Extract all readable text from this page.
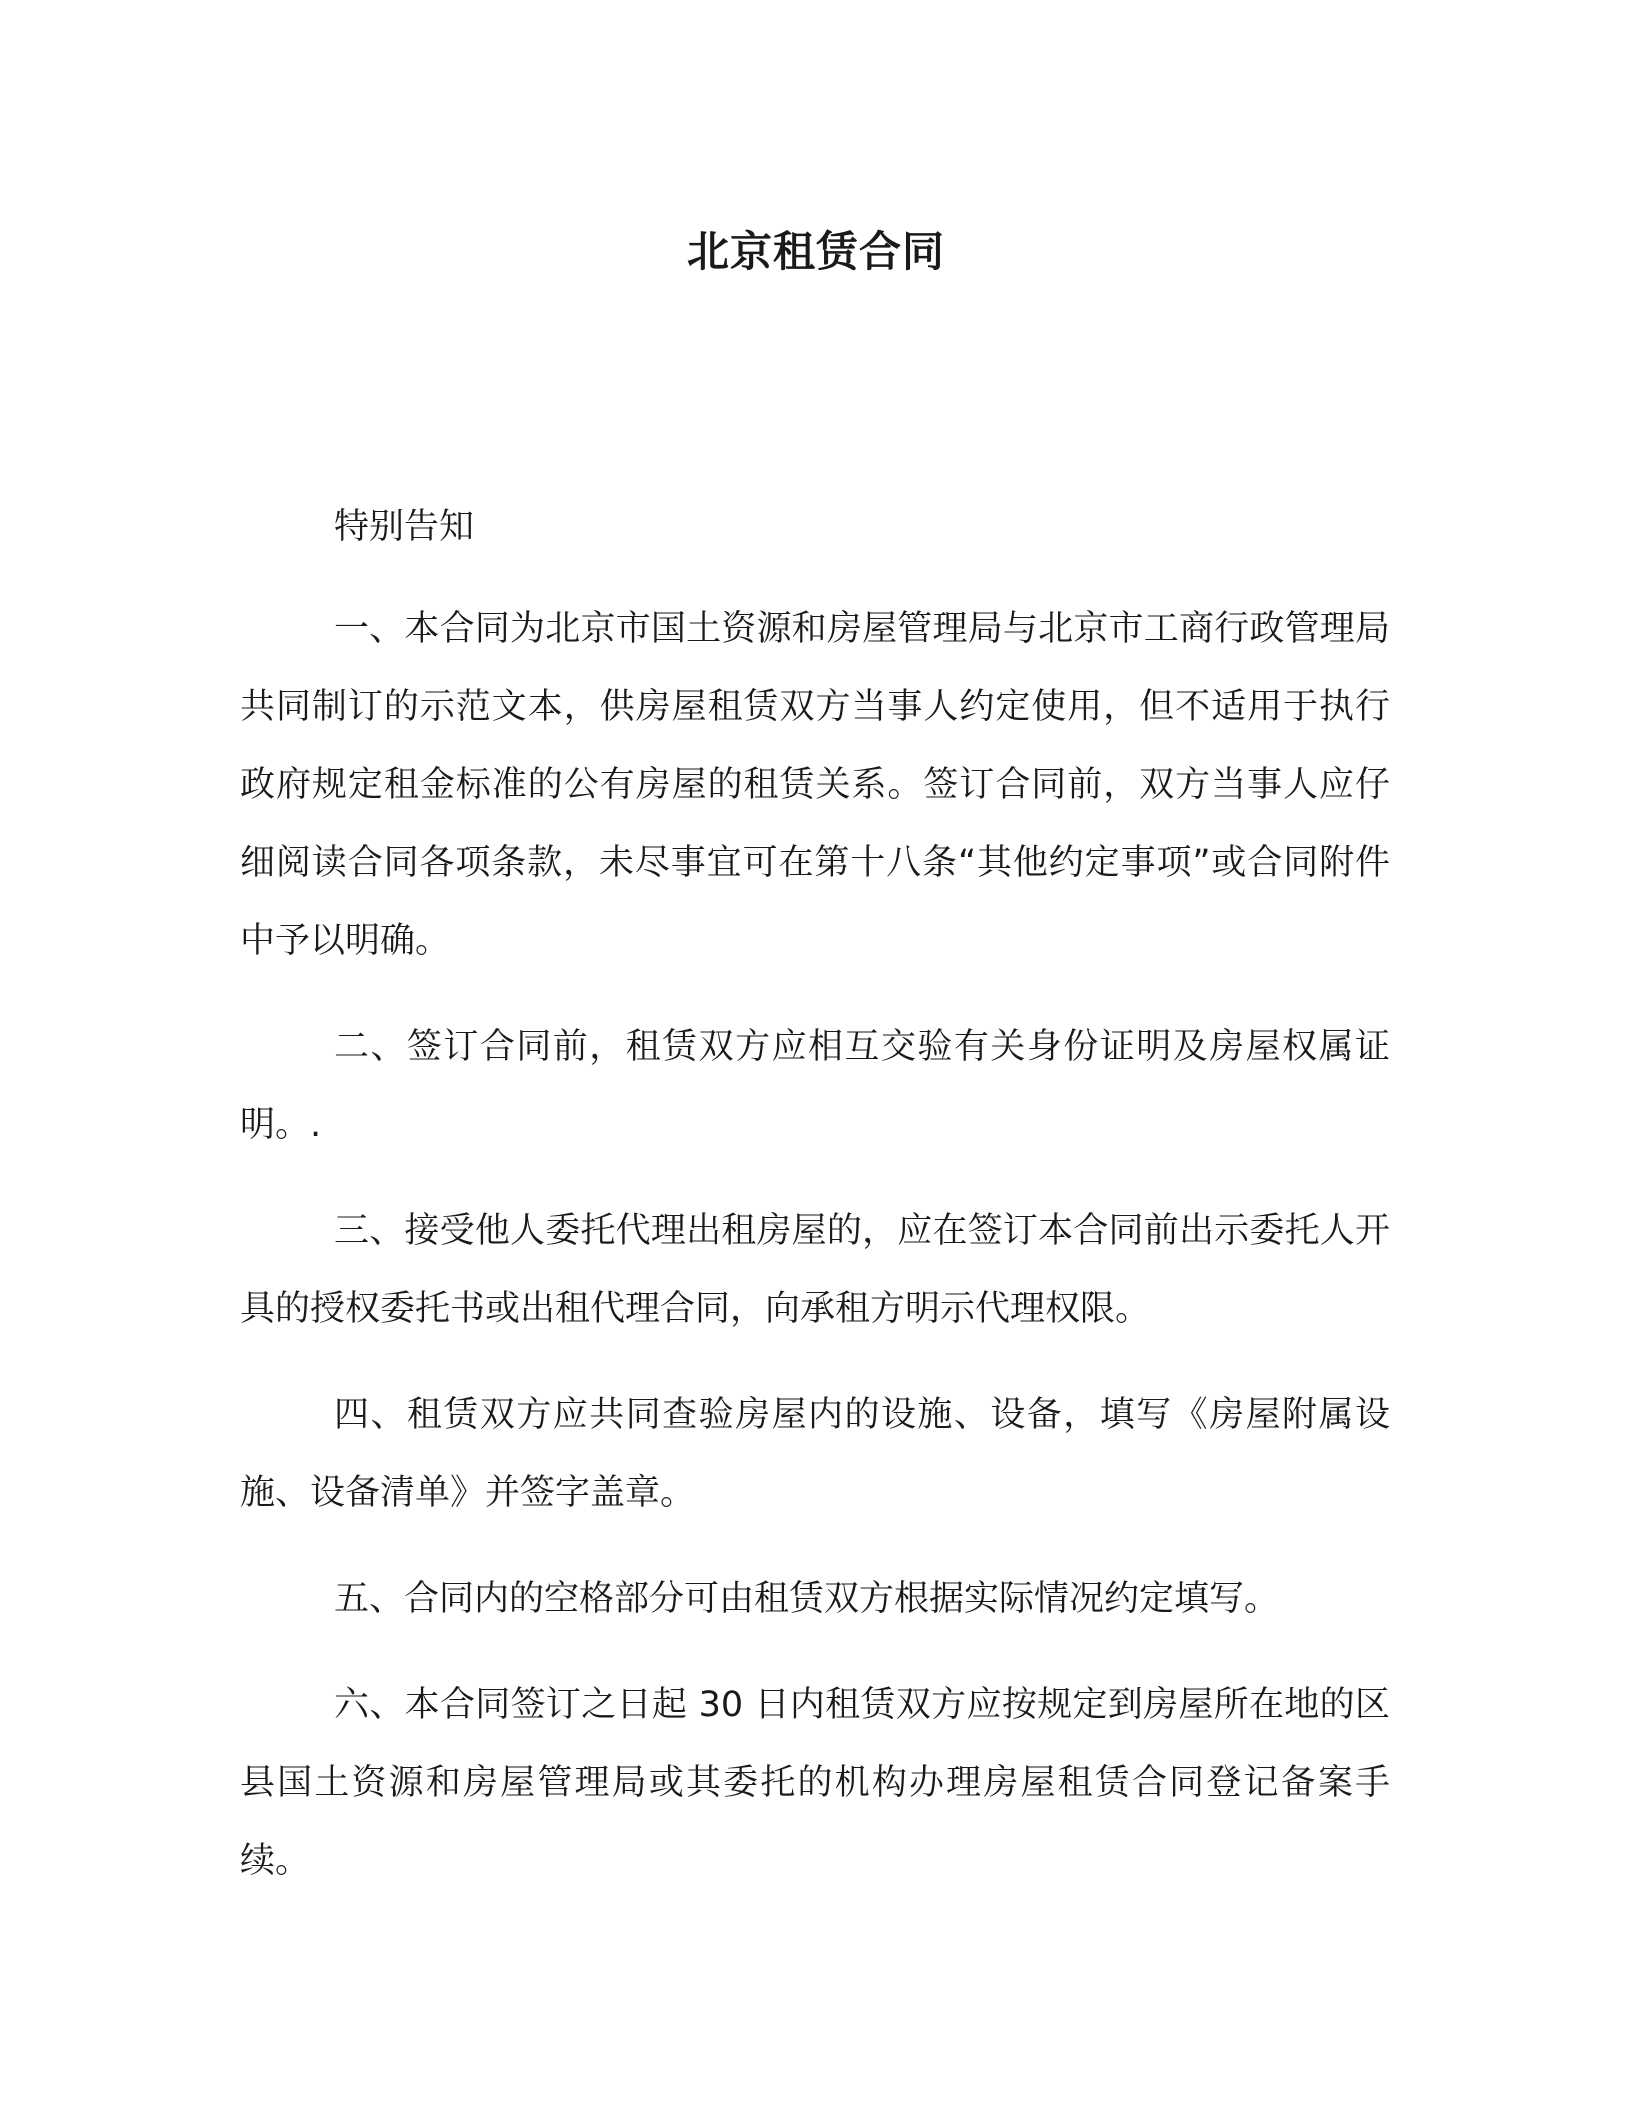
北京租赁合同

特别告知

一、本合同为北京市国土资源和房屋管理局与北京市工商行政管理局共同制订的示范文本，供房屋租赁双方当事人约定使用，但不适用于执行政府规定租金标准的公有房屋的租赁关系。签订合同前，双方当事人应仔细阅读合同各项条款，未尽事宜可在第十八条“其他约定事项”或合同附件中予以明确。

二、签订合同前，租赁双方应相互交验有关身份证明及房屋权属证明。.

三、接受他人委托代理出租房屋的，应在签订本合同前出示委托人开具的授权委托书或出租代理合同，向承租方明示代理权限。

四、租赁双方应共同查验房屋内的设施、设备，填写《房屋附属设施、设备清单》并签字盖章。

五、合同内的空格部分可由租赁双方根据实际情况约定填写。

六、本合同签订之日起 30 日内租赁双方应按规定到房屋所在地的区县国土资源和房屋管理局或其委托的机构办理房屋租赁合同登记备案手续。
